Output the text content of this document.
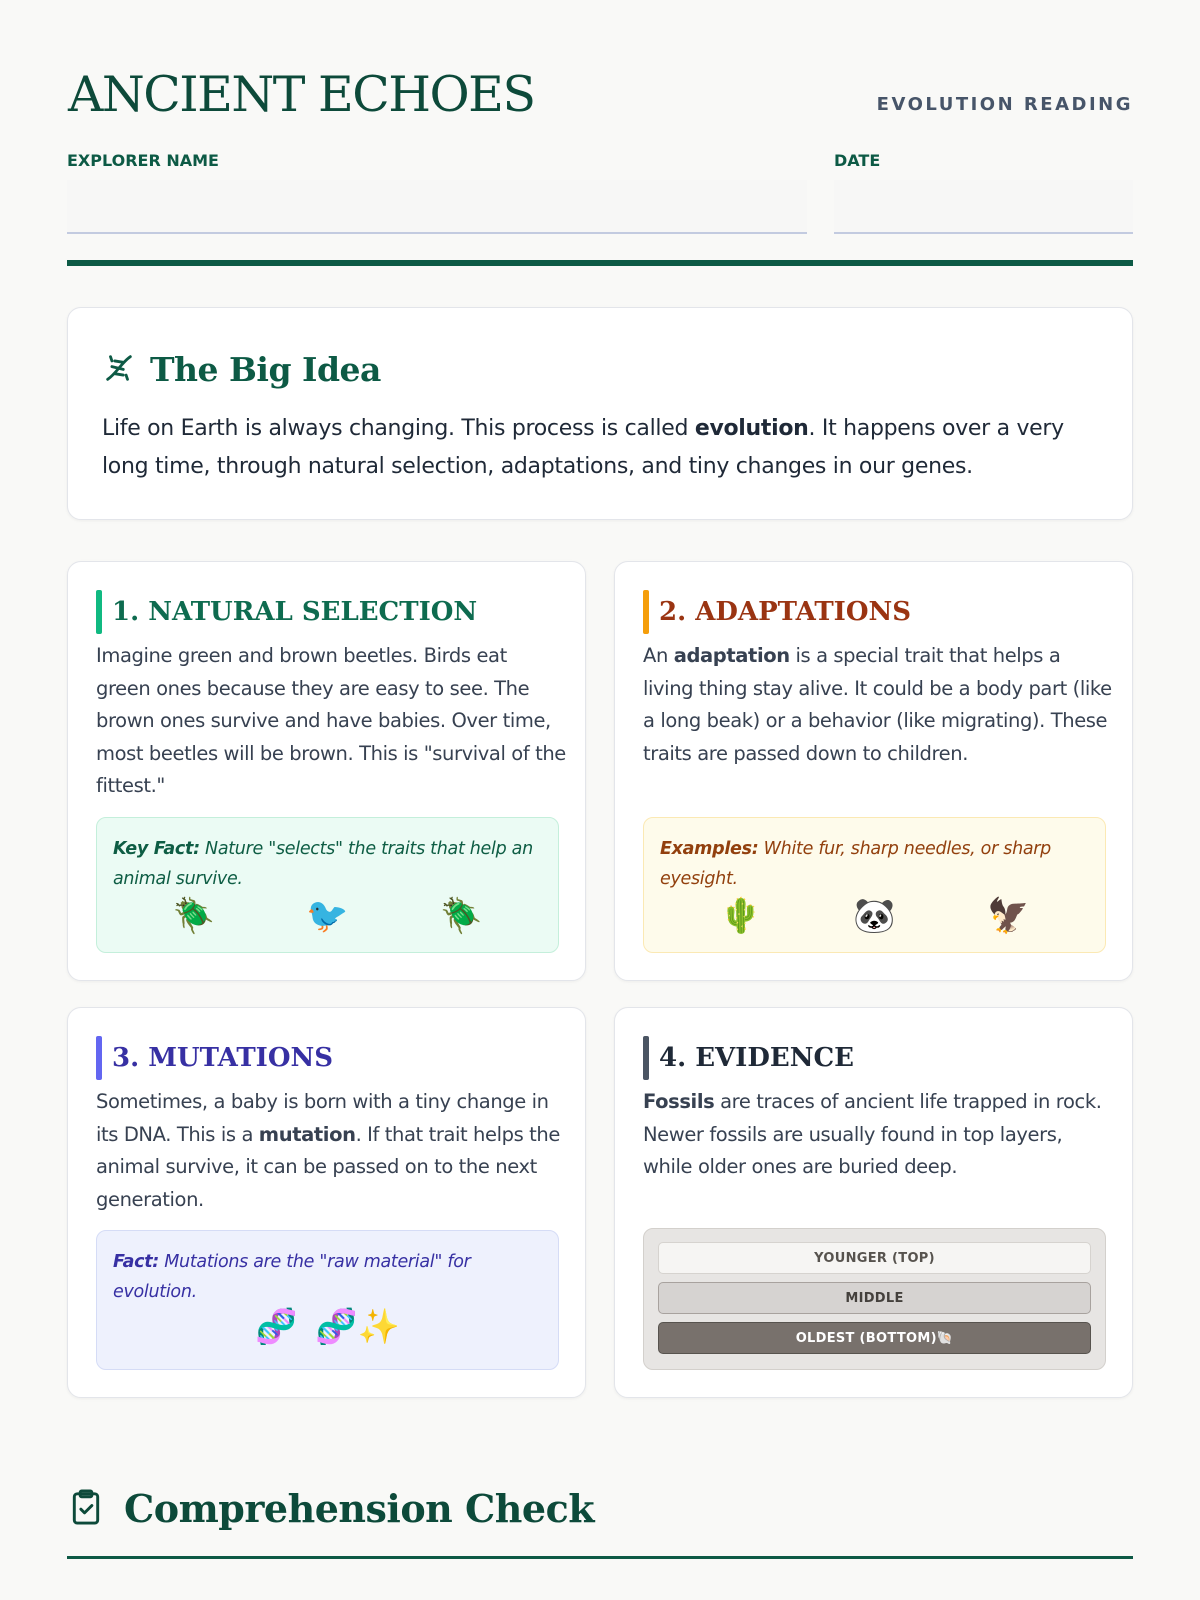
ANCIENT ECHOES	EVOLUTION READING
EXPLORER NAME	DATE
The Big Idea

Life on Earth is always changing. This process is called evolution. It happens over a very long time, through natural selection, adaptations, and tiny changes in our genes.

1. NATURAL SELECTION

Imagine green and brown beetles. Birds eat green ones because they are easy to see. The brown ones survive and have babies. Over time, most beetles will be brown. This is "survival of the fittest."

Key Fact: Nature "selects" the traits that help an animal survive.

🪲	🐦	🪲
2. ADAPTATIONS

An adaptation is a special trait that helps a living thing stay alive. It could be a body part (like a long beak) or a behavior (like migrating). These traits are passed down to children.

Examples: White fur, sharp needles, or sharp eyesight.

🌵	🐼	🦅
3. MUTATIONS

Sometimes, a baby is born with a tiny change in its DNA. This is a mutation. If that trait helps the animal survive, it can be passed on to the next generation.

Fact: Mutations are the "raw material" for evolution.

🧬 🧬✨
4. EVIDENCE

Fossils are traces of ancient life trapped in rock. Newer fossils are usually found in top layers, while older ones are buried deep.

YOUNGER (TOP)
MIDDLE
OLDEST (BOTTOM)🐚
Comprehension Check
